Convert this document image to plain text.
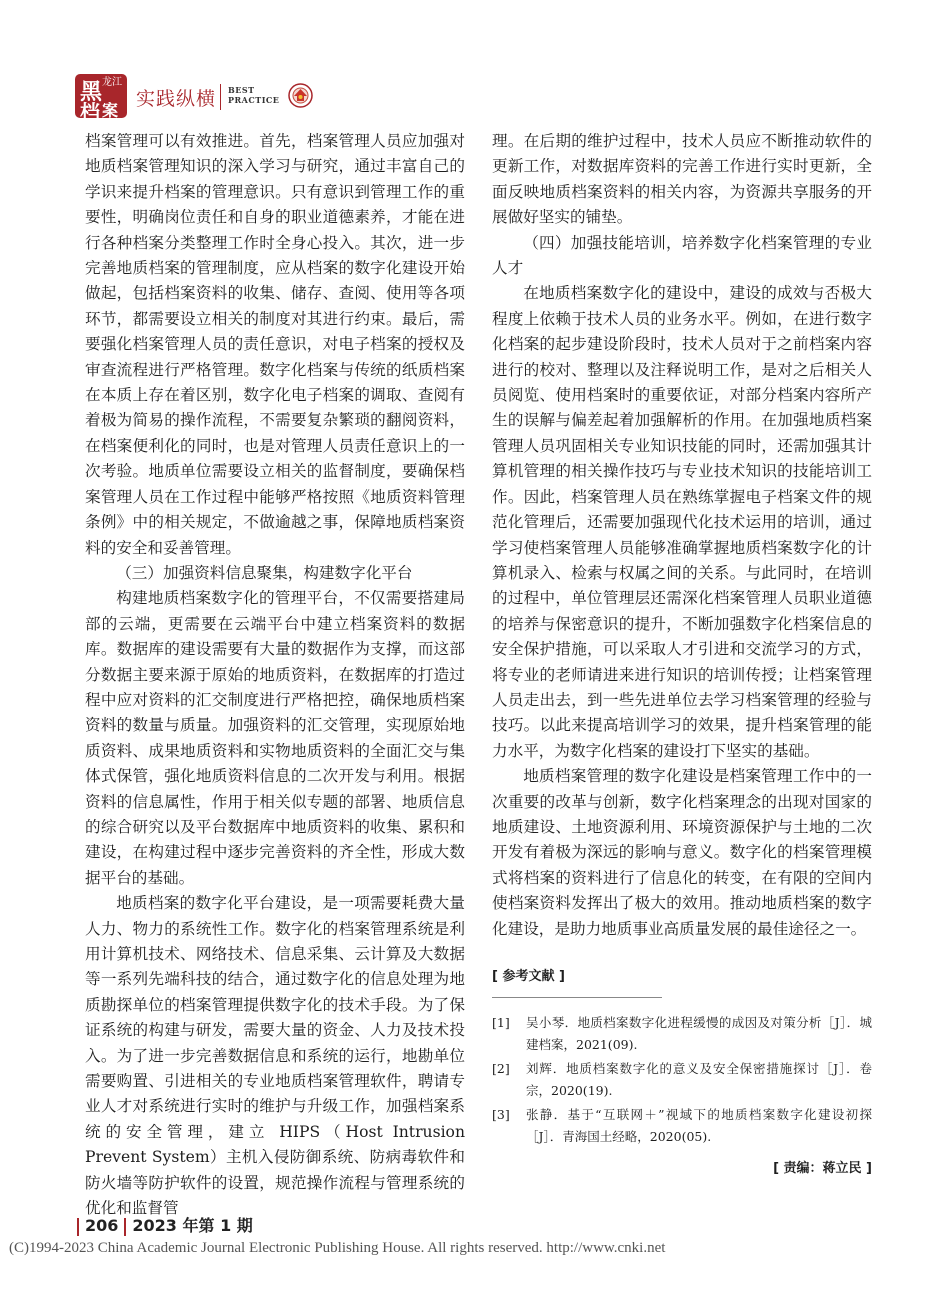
黑 龙江
档 案
实践纵横 BEST
PRACTICE

档案管理可以有效推进。首先，档案管理人员应加强对地质档案管理知识的深入学习与研究，通过丰富自己的学识来提升档案的管理意识。只有意识到管理工作的重要性，明确岗位责任和自身的职业道德素养，才能在进行各种档案分类整理工作时全身心投入。其次，进一步完善地质档案的管理制度，应从档案的数字化建设开始做起，包括档案资料的收集、储存、查阅、使用等各项环节，都需要设立相关的制度对其进行约束。最后，需要强化档案管理人员的责任意识，对电子档案的授权及审查流程进行严格管理。数字化档案与传统的纸质档案在本质上存在着区别，数字化电子档案的调取、查阅有着极为简易的操作流程，不需要复杂繁琐的翻阅资料，在档案便利化的同时，也是对管理人员责任意识上的一次考验。地质单位需要设立相关的监督制度，要确保档案管理人员在工作过程中能够严格按照《地质资料管理条例》中的相关规定，不做逾越之事，保障地质档案资料的安全和妥善管理。

（三）加强资料信息聚集，构建数字化平台

构建地质档案数字化的管理平台，不仅需要搭建局部的云端，更需要在云端平台中建立档案资料的数据库。数据库的建设需要有大量的数据作为支撑，而这部分数据主要来源于原始的地质资料，在数据库的打造过程中应对资料的汇交制度进行严格把控，确保地质档案资料的数量与质量。加强资料的汇交管理，实现原始地质资料、成果地质资料和实物地质资料的全面汇交与集体式保管，强化地质资料信息的二次开发与利用。根据资料的信息属性，作用于相关似专题的部署、地质信息的综合研究以及平台数据库中地质资料的收集、累积和建设，在构建过程中逐步完善资料的齐全性，形成大数据平台的基础。

地质档案的数字化平台建设，是一项需要耗费大量人力、物力的系统性工作。数字化的档案管理系统是利用计算机技术、网络技术、信息采集、云计算及大数据等一系列先端科技的结合，通过数字化的信息处理为地质勘探单位的档案管理提供数字化的技术手段。为了保证系统的构建与研发，需要大量的资金、人力及技术投入。为了进一步完善数据信息和系统的运行，地勘单位需要购置、引进相关的专业地质档案管理软件，聘请专业人才对系统进行实时的维护与升级工作，加强档案系统的安全管理，建立 HIPS（Host Intrusion Prevent System）主机入侵防御系统、防病毒软件和防火墙等防护软件的设置，规范操作流程与管理系统的优化和监督管

理。在后期的维护过程中，技术人员应不断推动软件的更新工作，对数据库资料的完善工作进行实时更新，全面反映地质档案资料的相关内容，为资源共享服务的开展做好坚实的铺垫。

（四）加强技能培训，培养数字化档案管理的专业人才

在地质档案数字化的建设中，建设的成效与否极大程度上依赖于技术人员的业务水平。例如，在进行数字化档案的起步建设阶段时，技术人员对于之前档案内容进行的校对、整理以及注释说明工作，是对之后相关人员阅览、使用档案时的重要依证，对部分档案内容所产生的误解与偏差起着加强解析的作用。在加强地质档案管理人员巩固相关专业知识技能的同时，还需加强其计算机管理的相关操作技巧与专业技术知识的技能培训工作。因此，档案管理人员在熟练掌握电子档案文件的规范化管理后，还需要加强现代化技术运用的培训，通过学习使档案管理人员能够准确掌握地质档案数字化的计算机录入、检索与权属之间的关系。与此同时，在培训的过程中，单位管理层还需深化档案管理人员职业道德的培养与保密意识的提升，不断加强数字化档案信息的安全保护措施，可以采取人才引进和交流学习的方式，将专业的老师请进来进行知识的培训传授；让档案管理人员走出去，到一些先进单位去学习档案管理的经验与技巧。以此来提高培训学习的效果，提升档案管理的能力水平，为数字化档案的建设打下坚实的基础。

地质档案管理的数字化建设是档案管理工作中的一次重要的改革与创新，数字化档案理念的出现对国家的地质建设、土地资源利用、环境资源保护与土地的二次开发有着极为深远的影响与意义。数字化的档案管理模式将档案的资料进行了信息化的转变，在有限的空间内使档案资料发挥出了极大的效用。推动地质档案的数字化建设，是助力地质事业高质量发展的最佳途径之一。

[ 参考文献 ]
[1]	吴小琴．地质档案数字化进程缓慢的成因及对策分析［J］．城建档案，2021(09).
[2]	刘辉．地质档案数字化的意义及安全保密措施探讨［J］．卷宗，2020(19).
[3]	张静．基于“互联网＋”视域下的地质档案数字化建设初探［J］．青海国土经略，2020(05).
[ 责编：蒋立民 ]
206 2023 年第 1 期
(C)1994-2023 China Academic Journal Electronic Publishing House. All rights reserved. http://www.cnki.net
